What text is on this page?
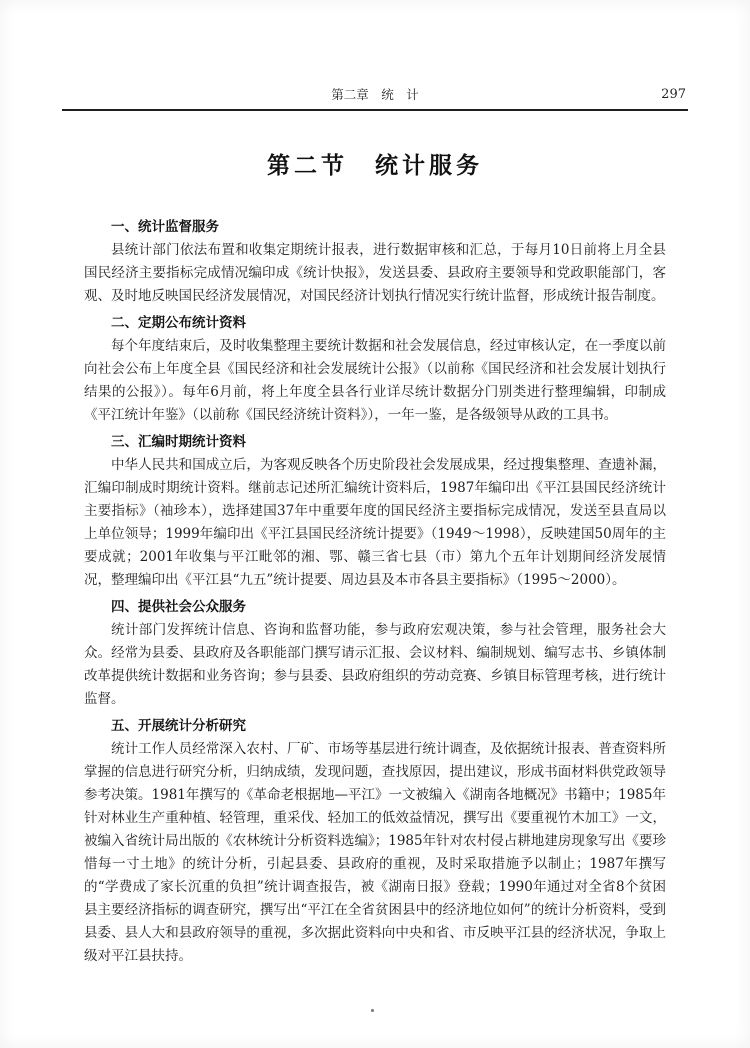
第二章　统　计	297
第二节　统计服务
一、统计监督服务

县统计部门依法布置和收集定期统计报表，进行数据审核和汇总，于每月10日前将上月全县国民经济主要指标完成情况编印成《统计快报》，发送县委、县政府主要领导和党政职能部门，客观、及时地反映国民经济发展情况，对国民经济计划执行情况实行统计监督，形成统计报告制度。

二、定期公布统计资料

每个年度结束后，及时收集整理主要统计数据和社会发展信息，经过审核认定，在一季度以前向社会公布上年度全县《国民经济和社会发展统计公报》（以前称《国民经济和社会发展计划执行结果的公报》）。每年6月前，将上年度全县各行业详尽统计数据分门别类进行整理编辑，印制成《平江统计年鉴》（以前称《国民经济统计资料》），一年一鉴，是各级领导从政的工具书。

三、汇编时期统计资料

中华人民共和国成立后，为客观反映各个历史阶段社会发展成果，经过搜集整理、查遗补漏，汇编印制成时期统计资料。继前志记述所汇编统计资料后，1987年编印出《平江县国民经济统计主要指标》（袖珍本），选择建国37年中重要年度的国民经济主要指标完成情况，发送至县直局以上单位领导；1999年编印出《平江县国民经济统计提要》（1949～1998），反映建国50周年的主要成就；2001年收集与平江毗邻的湘、鄂、赣三省七县（市）第九个五年计划期间经济发展情况，整理编印出《平江县“九五”统计提要、周边县及本市各县主要指标》（1995～2000）。

四、提供社会公众服务

统计部门发挥统计信息、咨询和监督功能，参与政府宏观决策，参与社会管理，服务社会大众。经常为县委、县政府及各职能部门撰写请示汇报、会议材料、编制规划、编写志书、乡镇体制改革提供统计数据和业务咨询；参与县委、县政府组织的劳动竞赛、乡镇目标管理考核，进行统计监督。

五、开展统计分析研究

统计工作人员经常深入农村、厂矿、市场等基层进行统计调查，及依据统计报表、普查资料所掌握的信息进行研究分析，归纳成绩，发现问题，查找原因，提出建议，形成书面材料供党政领导参考决策。1981年撰写的《革命老根据地—平江》一文被编入《湖南各地概况》书籍中；1985年针对林业生产重种植、轻管理，重采伐、轻加工的低效益情况，撰写出《要重视竹木加工》一文，被编入省统计局出版的《农林统计分析资料选编》；1985年针对农村侵占耕地建房现象写出《要珍惜每一寸土地》的统计分析，引起县委、县政府的重视，及时采取措施予以制止；1987年撰写的“学费成了家长沉重的负担”统计调查报告，被《湖南日报》登载；1990年通过对全省8个贫困县主要经济指标的调查研究，撰写出“平江在全省贫困县中的经济地位如何”的统计分析资料，受到县委、县人大和县政府领导的重视，多次据此资料向中央和省、市反映平江县的经济状况，争取上级对平江县扶持。
